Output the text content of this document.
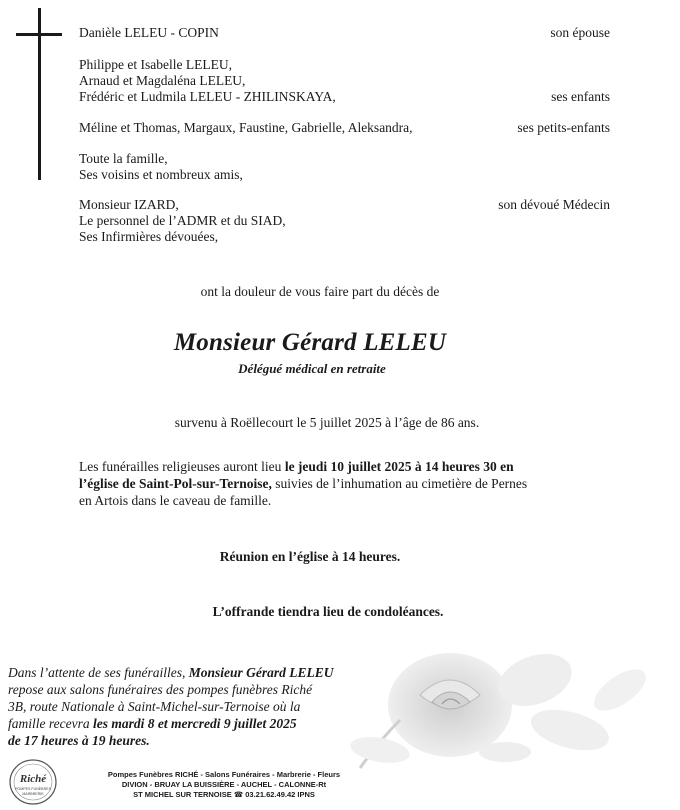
Danièle LELEU - COPIN	son épouse
Philippe et Isabelle LELEU,
Arnaud et Magdaléna LELEU,
Frédéric et Ludmila LELEU - ZHILINSKAYA,	ses enfants
Méline et Thomas, Margaux, Faustine, Gabrielle, Aleksandra,	ses petits-enfants
Toute la famille,
Ses voisins et nombreux amis,
Monsieur IZARD,	son dévoué Médecin
Le personnel de l’ADMR et du SIAD,
Ses Infirmières dévouées,
ont la douleur de vous faire part du décès de
Monsieur Gérard LELEU
Délégué médical en retraite
survenu à Roëllecourt le 5 juillet 2025 à l’âge de 86 ans.
Les funérailles religieuses auront lieu le jeudi 10 juillet 2025 à 14 heures 30 en
l’église de Saint-Pol-sur-Ternoise, suivies de l’inhumation au cimetière de Pernes
en Artois dans le caveau de famille.
Réunion en l’église à 14 heures.
L’offrande tiendra lieu de condoléances.
Dans l’attente de ses funérailles, Monsieur Gérard LELEU
repose aux salons funéraires des pompes funèbres Riché
3B, route Nationale à Saint-Michel-sur-Ternoise où la
famille recevra les mardi 8 et mercredi 9 juillet 2025
de 17 heures à 19 heures.
Riché
POMPES FUNÈBRES
MARBRERIE
Pompes Funèbres RICHÉ - Salons Funéraires - Marbrerie - Fleurs
DIVION - BRUAY LA BUISSIÈRE - AUCHEL - CALONNE-Rt
ST MICHEL SUR TERNOISE ☎ 03.21.62.49.42 IPNS
